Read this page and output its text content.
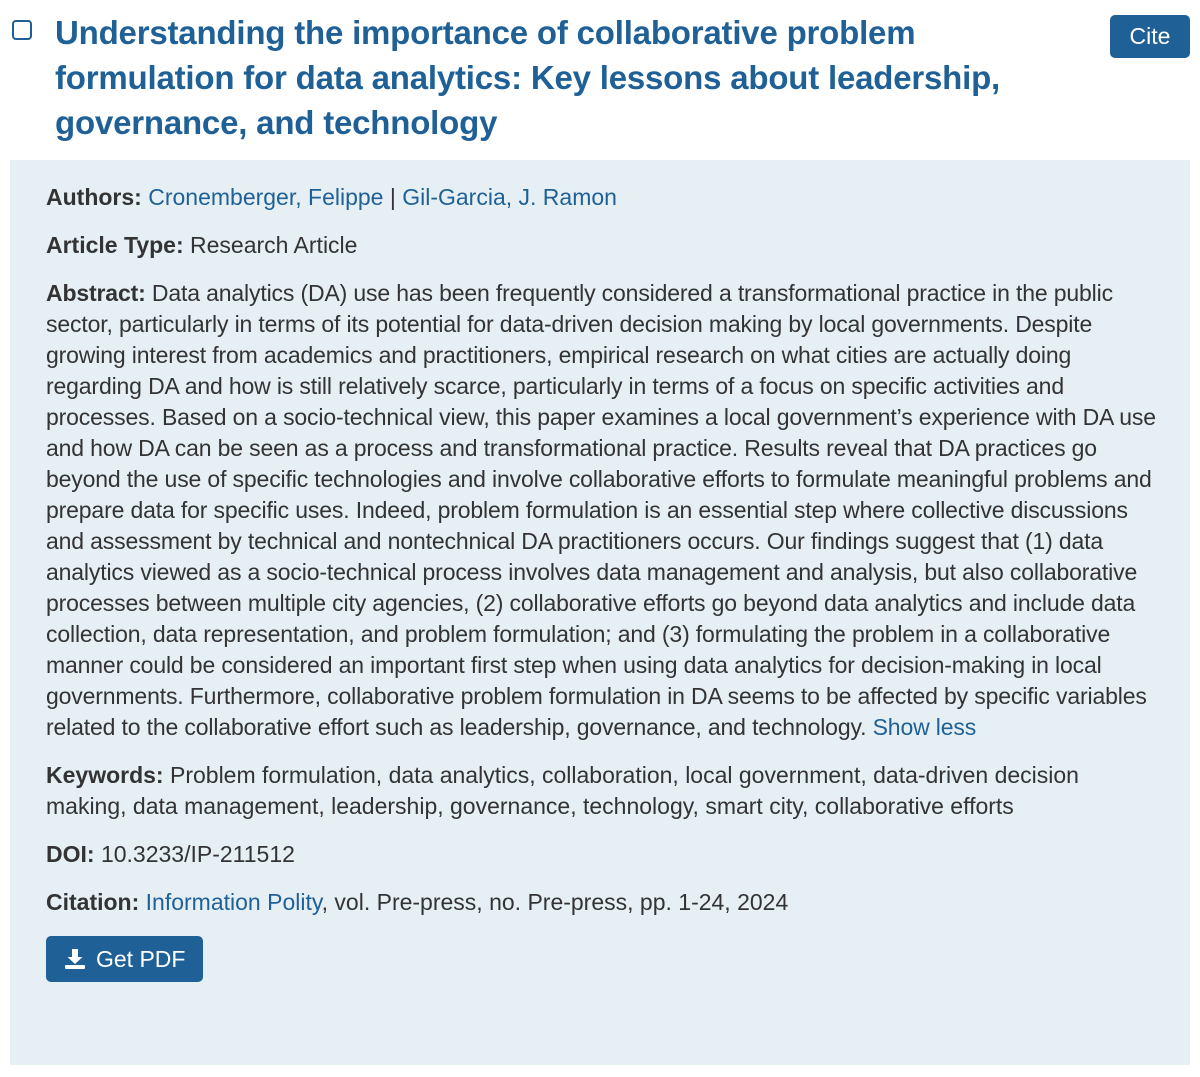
Understanding the importance of collaborative problem formulation for data analytics: Key lessons about leadership, governance, and technology
Cite
Authors: Cronemberger, Felippe | Gil-Garcia, J. Ramon
Article Type: Research Article
Abstract: Data analytics (DA) use has been frequently considered a transformational practice in the public sector, particularly in terms of its potential for data-driven decision making by local governments. Despite growing interest from academics and practitioners, empirical research on what cities are actually doing regarding DA and how is still relatively scarce, particularly in terms of a focus on specific activities and processes. Based on a socio-technical view, this paper examines a local government’s experience with DA use and how DA can be seen as a process and transformational practice. Results reveal that DA practices go beyond the use of specific technologies and involve collaborative efforts to formulate meaningful problems and prepare data for specific uses. Indeed, problem formulation is an essential step where collective discussions and assessment by technical and nontechnical DA practitioners occurs. Our findings suggest that (1) data analytics viewed as a socio-technical process involves data management and analysis, but also collaborative processes between multiple city agencies, (2) collaborative efforts go beyond data analytics and include data collection, data representation, and problem formulation; and (3) formulating the problem in a collaborative manner could be considered an important first step when using data analytics for decision-making in local governments. Furthermore, collaborative problem formulation in DA seems to be affected by specific variables related to the collaborative effort such as leadership, governance, and technology. Show less
Keywords: Problem formulation, data analytics, collaboration, local government, data-driven decision making, data management, leadership, governance, technology, smart city, collaborative efforts
DOI: 10.3233/IP-211512
Citation: Information Polity, vol. Pre-press, no. Pre-press, pp. 1-24, 2024
Get PDF
